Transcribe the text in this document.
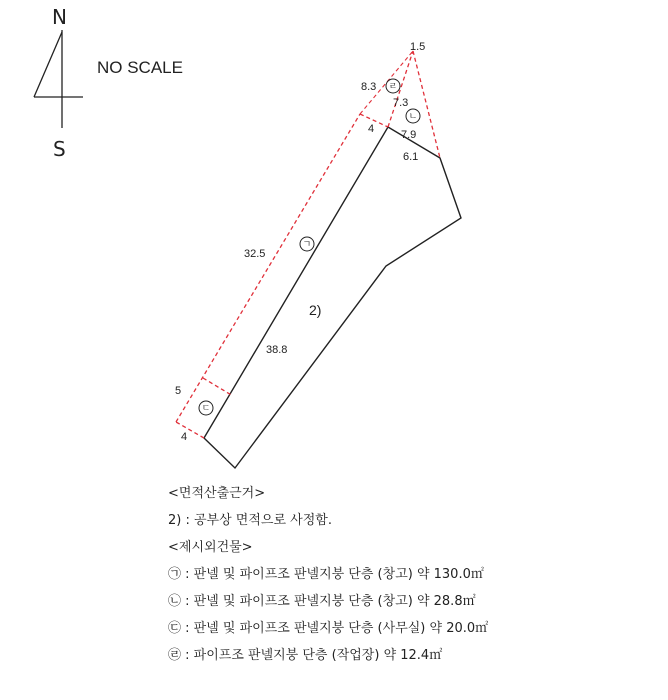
N
S
NO SCALE
2)
ㄱ
ㄴ
ㄷ
ㄹ
1.5
8.3
7.3
4 7.9
6.1
32.5
38.8
5
4
<면적산출근거>
2) : 공부상 면적으로 사정함.
<제시외건물>
㉠ : 판넬 및 파이프조 판넬지붕 단층 (창고) 약 130.0㎡
㉡ : 판넬 및 파이프조 판넬지붕 단층 (창고) 약 28.8㎡
㉢ : 판넬 및 파이프조 판넬지붕 단층 (사무실) 약 20.0㎡
㉣ : 파이프조 판넬지붕 단층 (작업장) 약 12.4㎡
